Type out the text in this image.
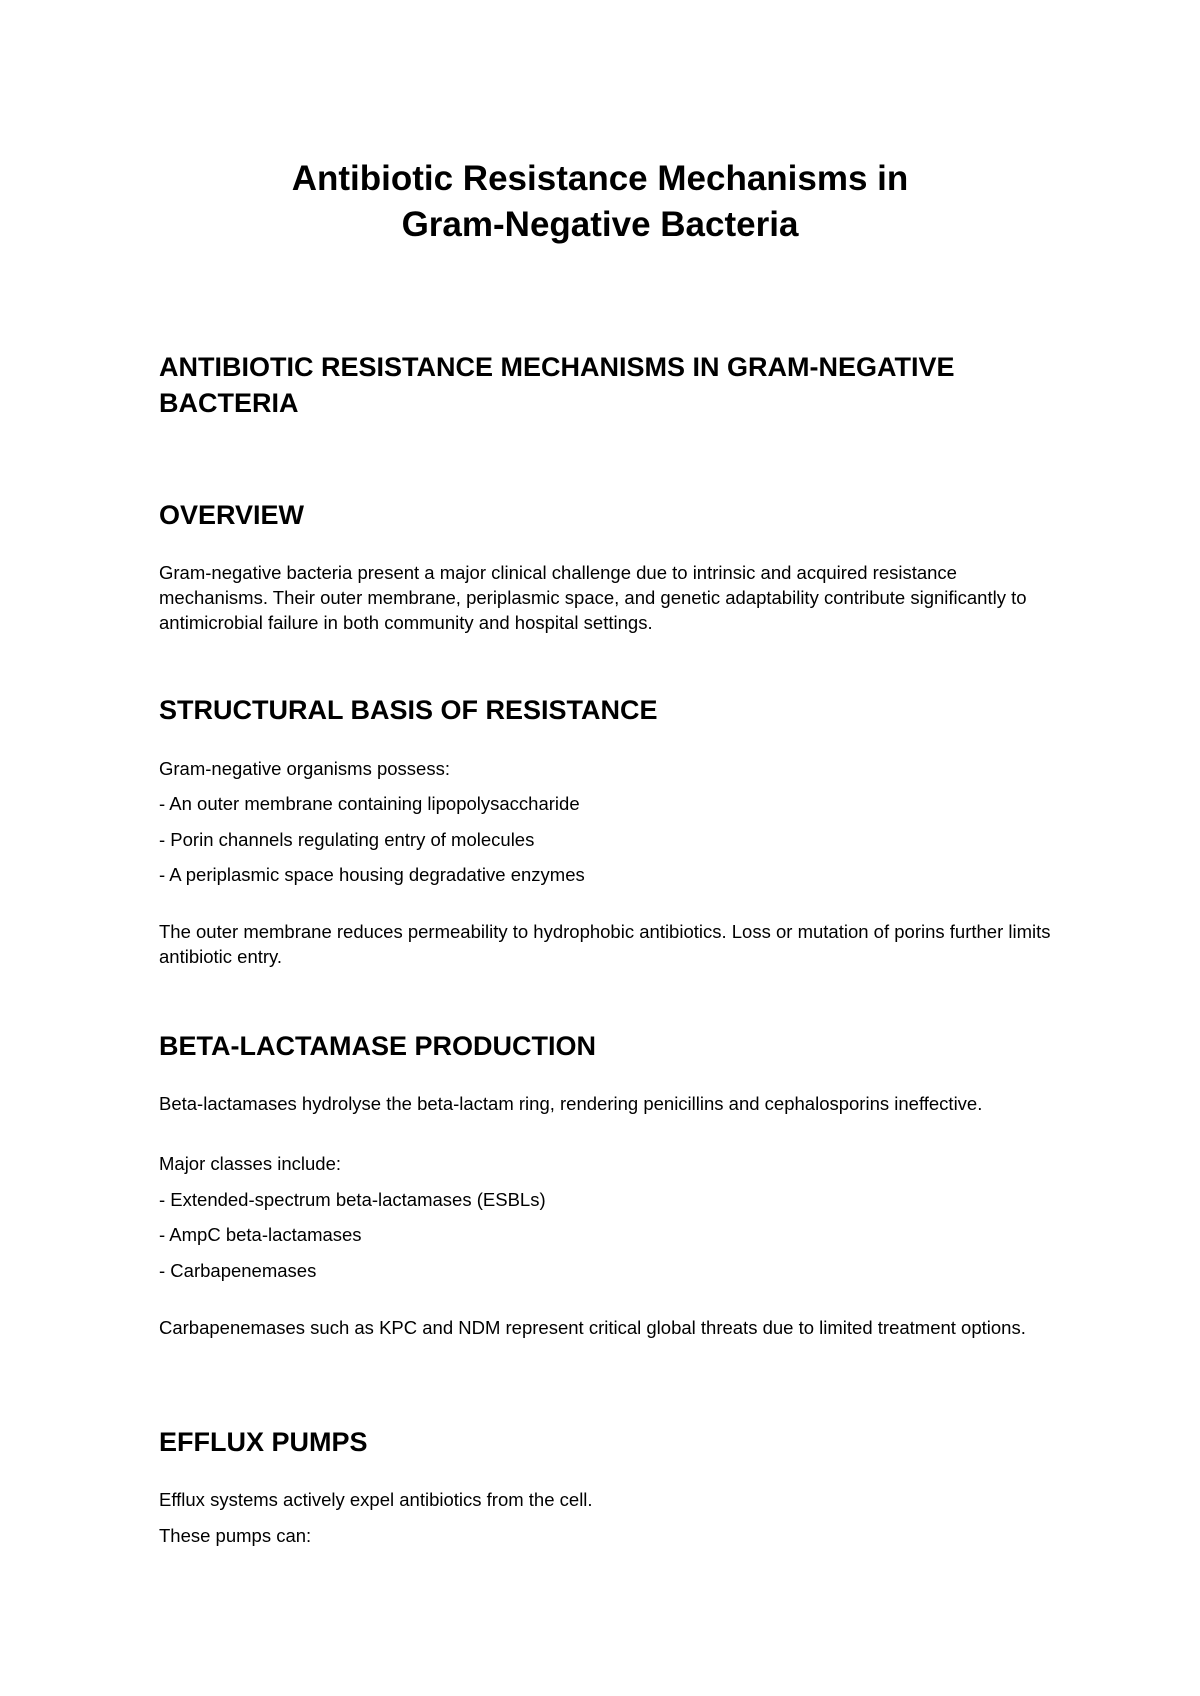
Antibiotic Resistance Mechanisms in
Gram-Negative Bacteria
ANTIBIOTIC RESISTANCE MECHANISMS IN GRAM-NEGATIVE BACTERIA
OVERVIEW

Gram-negative bacteria present a major clinical challenge due to intrinsic and acquired resistance mechanisms. Their outer membrane, periplasmic space, and genetic adaptability contribute significantly to antimicrobial failure in both community and hospital settings.

STRUCTURAL BASIS OF RESISTANCE

Gram-negative organisms possess:

- An outer membrane containing lipopolysaccharide

- Porin channels regulating entry of molecules

- A periplasmic space housing degradative enzymes

The outer membrane reduces permeability to hydrophobic antibiotics. Loss or mutation of porins further limits antibiotic entry.

BETA-LACTAMASE PRODUCTION

Beta-lactamases hydrolyse the beta-lactam ring, rendering penicillins and cephalosporins ineffective.

Major classes include:

- Extended-spectrum beta-lactamases (ESBLs)

- AmpC beta-lactamases

- Carbapenemases

Carbapenemases such as KPC and NDM represent critical global threats due to limited treatment options.

EFFLUX PUMPS

Efflux systems actively expel antibiotics from the cell.

These pumps can:
